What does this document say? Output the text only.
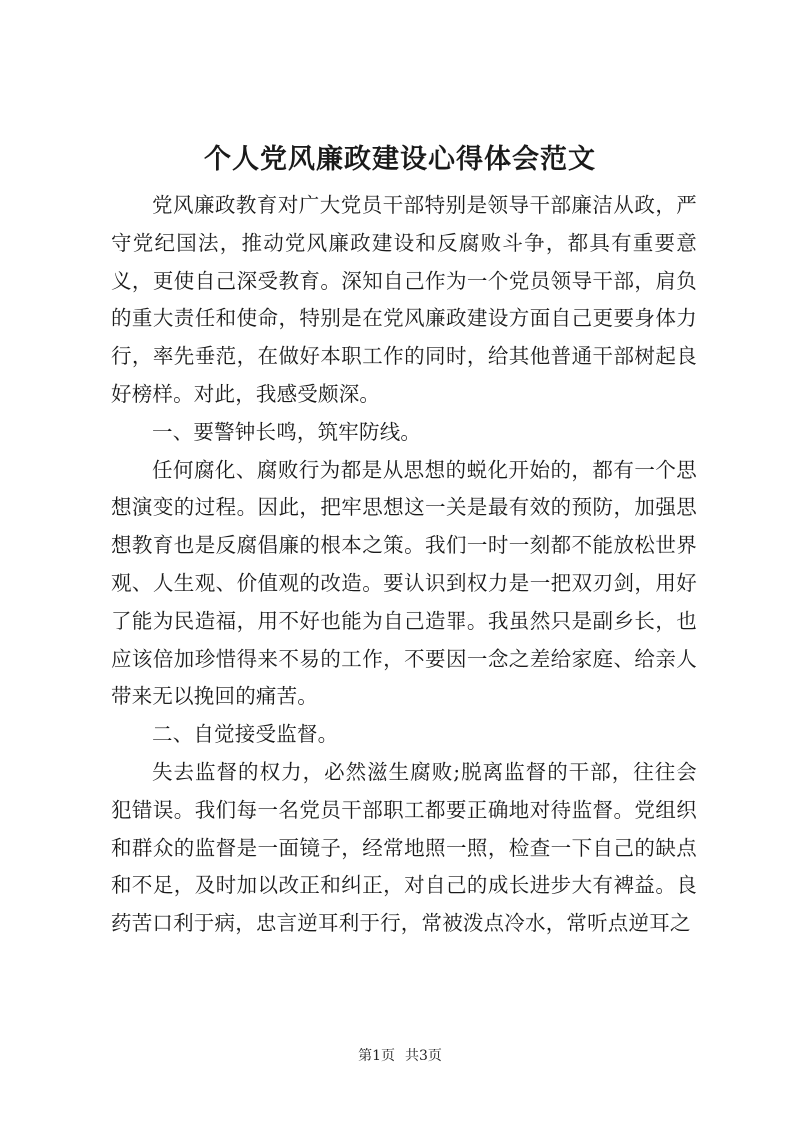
个人党风廉政建设心得体会范文

党风廉政教育对广大党员干部特别是领导干部廉洁从政，严守党纪国法，推动党风廉政建设和反腐败斗争，都具有重要意义，更使自己深受教育。深知自己作为一个党员领导干部，肩负的重大责任和使命，特别是在党风廉政建设方面自己更要身体力行，率先垂范，在做好本职工作的同时，给其他普通干部树起良好榜样。对此，我感受颇深。

一、要警钟长鸣，筑牢防线。

任何腐化、腐败行为都是从思想的蜕化开始的，都有一个思想演变的过程。因此，把牢思想这一关是最有效的预防，加强思想教育也是反腐倡廉的根本之策。我们一时一刻都不能放松世界观、人生观、价值观的改造。要认识到权力是一把双刃剑，用好了能为民造福，用不好也能为自己造罪。我虽然只是副乡长，也应该倍加珍惜得来不易的工作，不要因一念之差给家庭、给亲人带来无以挽回的痛苦。

二、自觉接受监督。

失去监督的权力，必然滋生腐败;脱离监督的干部，往往会犯错误。我们每一名党员干部职工都要正确地对待监督。党组织和群众的监督是一面镜子，经常地照一照，检查一下自己的缺点和不足，及时加以改正和纠正，对自己的成长进步大有裨益。良药苦口利于病，忠言逆耳利于行，常被泼点冷水，常听点逆耳之

第1页 共3页
